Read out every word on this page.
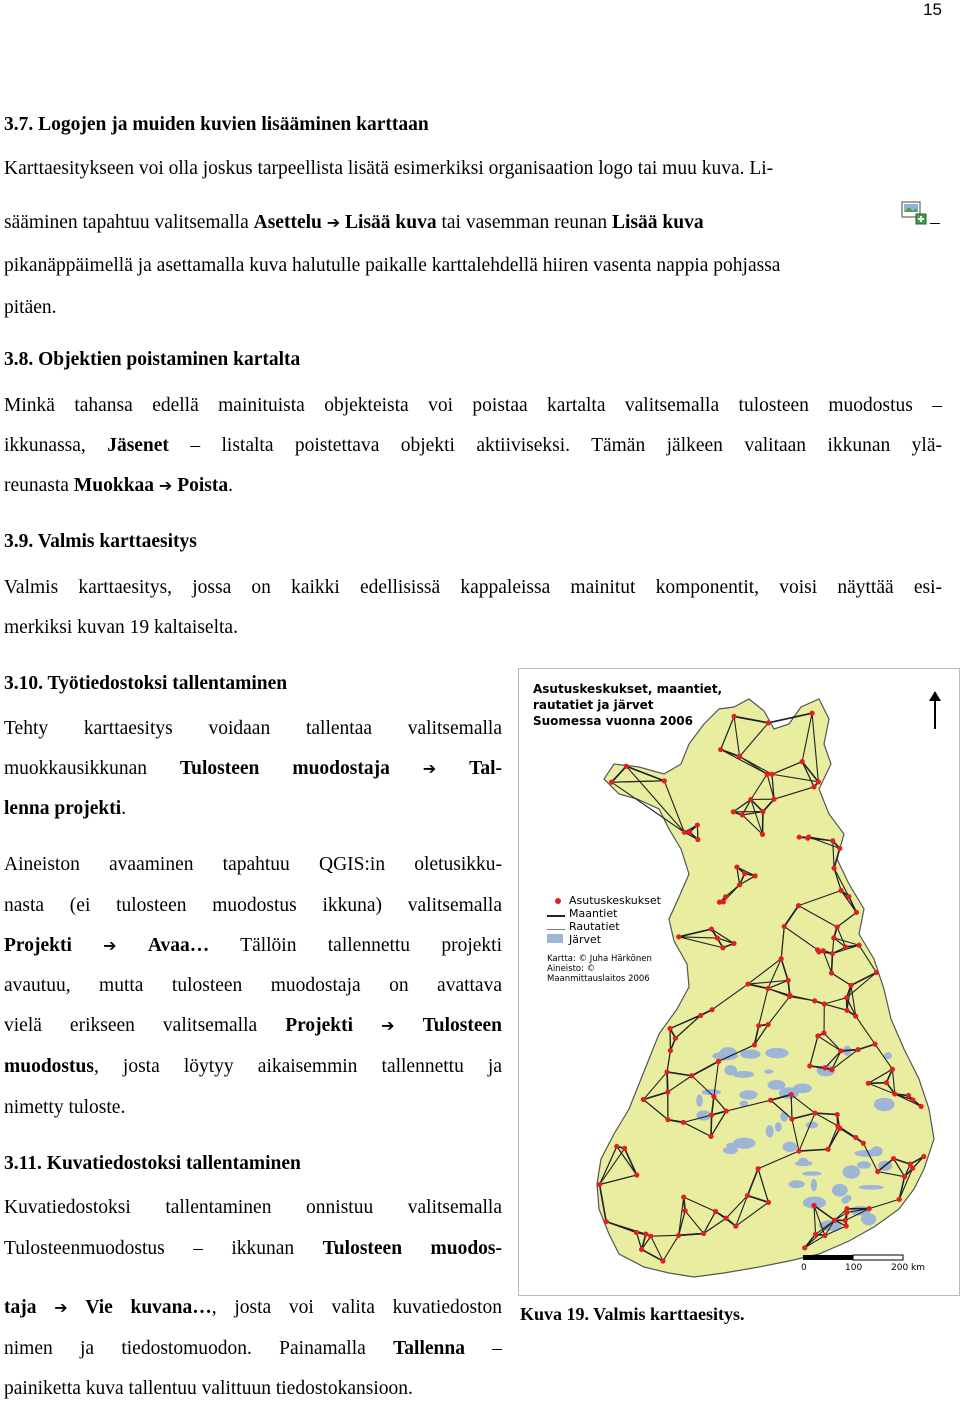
15
3.7. Logojen ja muiden kuvien lisääminen karttaan
Karttaesitykseen voi olla joskus tarpeellista lisätä esimerkiksi organisaation logo tai muu kuva. Li-
sääminen tapahtuu valitsemalla Asettelu ➔ Lisää kuva tai vasemman reunan Lisää kuva	–
pikanäppäimellä ja asettamalla kuva halutulle paikalle karttalehdellä hiiren vasenta nappia pohjassa
pitäen.
3.8. Objektien poistaminen kartalta
Minkä tahansa edellä mainituista objekteista voi poistaa kartalta valitsemalla tulosteen muodostus –
ikkunassa, Jäsenet – listalta poistettava objekti aktiiviseksi. Tämän jälkeen valitaan ikkunan ylä-
reunasta Muokkaa ➔ Poista.
3.9. Valmis karttaesitys
Valmis karttaesitys, jossa on kaikki edellisissä kappaleissa mainitut komponentit, voisi näyttää esi-
merkiksi kuvan 19 kaltaiselta.
3.10. Työtiedostoksi tallentaminen
Tehty karttaesitys voidaan tallentaa valitsemalla
muokkausikkunan Tulosteen muodostaja ➔ Tal-
lenna projekti.
Aineiston avaaminen tapahtuu QGIS:in oletusikku-
nasta (ei tulosteen muodostus ikkuna) valitsemalla
Projekti ➔ Avaa… Tällöin tallennettu projekti
avautuu, mutta tulosteen muodostaja on avattava
vielä erikseen valitsemalla Projekti ➔ Tulosteen
muodostus, josta löytyy aikaisemmin tallennettu ja
nimetty tuloste.
3.11. Kuvatiedostoksi tallentaminen
Kuvatiedostoksi tallentaminen onnistuu valitsemalla
Tulosteenmuodostus – ikkunan Tulosteen muodos-
taja ➔ Vie kuvana…, josta voi valita kuvatiedoston
nimen ja tiedostomuodon. Painamalla Tallenna –
painiketta kuva tallentuu valittuun tiedostokansioon.
Asutuskeskukset, maantiet,
rautatiet ja järvet
Suomessa vuonna 2006
Asutuskeskukset
Maantiet
Rautatiet
Järvet
Kartta: © Juha Härkönen
Aineisto: ©
Maanmittauslaitos 2006
0	100	200 km
Kuva 19. Valmis karttaesitys.
